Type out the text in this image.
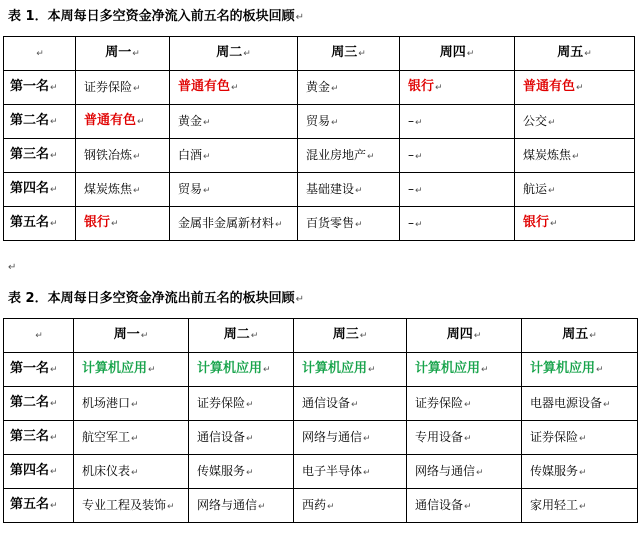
表 1．本周每日多空资金净流入前五名的板块回顾↵
↵	周一↵	周二↵	周三↵	周四↵	周五↵
第一名↵	证券保险↵	普通有色↵	黄金↵	银行↵	普通有色↵
第二名↵	普通有色↵	黄金↵	贸易↵	–↵	公交↵
第三名↵	钢铁冶炼↵	白酒↵	混业房地产↵	–↵	煤炭炼焦↵
第四名↵	煤炭炼焦↵	贸易↵	基础建设↵	–↵	航运↵
第五名↵	银行↵	金属非金属新材料↵	百货零售↵	–↵	银行↵
↵
表 2．本周每日多空资金净流出前五名的板块回顾↵
↵	周一↵	周二↵	周三↵	周四↵	周五↵
第一名↵	计算机应用↵	计算机应用↵	计算机应用↵	计算机应用↵	计算机应用↵
第二名↵	机场港口↵	证券保险↵	通信设备↵	证券保险↵	电器电源设备↵
第三名↵	航空军工↵	通信设备↵	网络与通信↵	专用设备↵	证券保险↵
第四名↵	机床仪表↵	传媒服务↵	电子半导体↵	网络与通信↵	传媒服务↵
第五名↵	专业工程及装饰↵	网络与通信↵	西药↵	通信设备↵	家用轻工↵
